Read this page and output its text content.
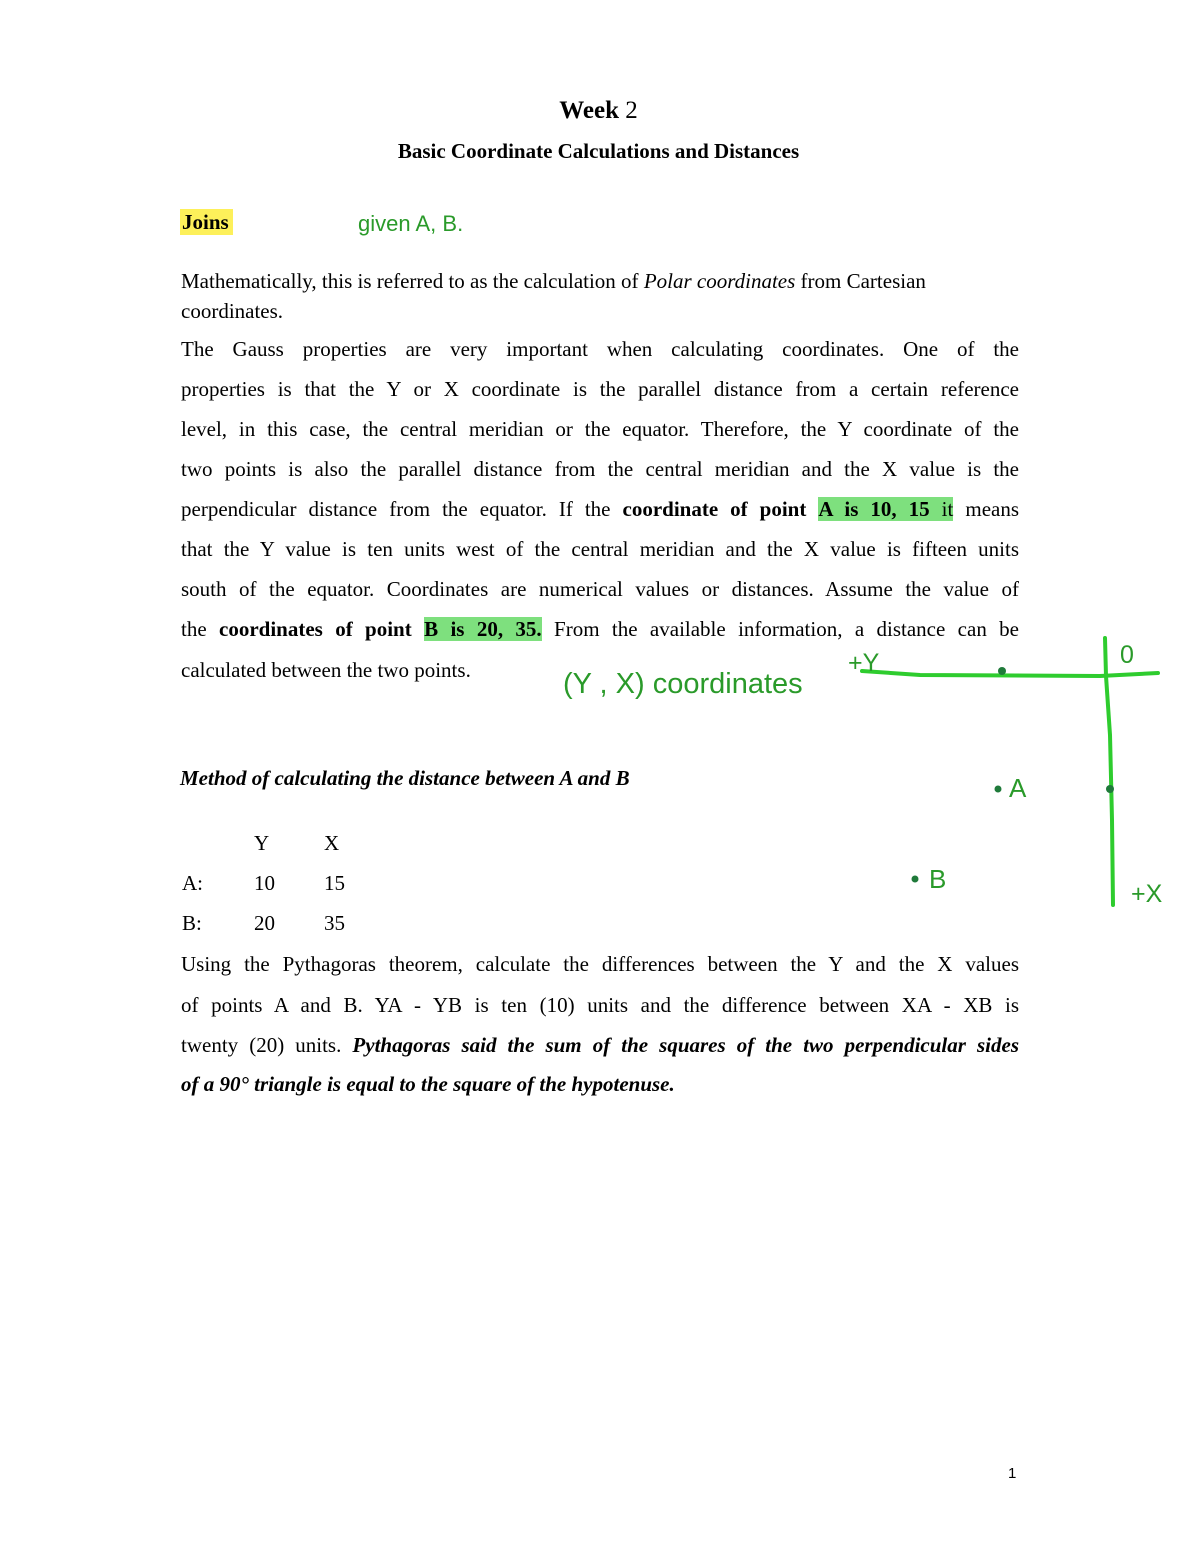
Week 2
Basic Coordinate Calculations and Distances
Joins	given A, B.
Mathematically, this is referred to as the calculation of Polar coordinates from Cartesian
coordinates.
The Gauss properties are very important when calculating coordinates. One of the
properties is that the Y or X coordinate is the parallel distance from a certain reference
level, in this case, the central meridian or the equator. Therefore, the Y coordinate of the
two points is also the parallel distance from the central meridian and the X value is the
perpendicular distance from the equator. If the coordinate of point A is 10, 15 it means
that the Y value is ten units west of the central meridian and the X value is fifteen units
south of the equator. Coordinates are numerical values or distances. Assume the value of
the coordinates of point B is 20, 35. From the available information, a distance can be
calculated between the two points.	+Y	0
A
B	+X
(Y , X) coordinates
Method of calculating the distance between A and B
Y	X
A: 10 15
B: 20 35
Using the Pythagoras theorem, calculate the differences between the Y and the X values
of points A and B. YA - YB is ten (10) units and the difference between XA - XB is
twenty (20) units. Pythagoras said the sum of the squares of the two perpendicular sides
of a 90° triangle is equal to the square of the hypotenuse.
1
